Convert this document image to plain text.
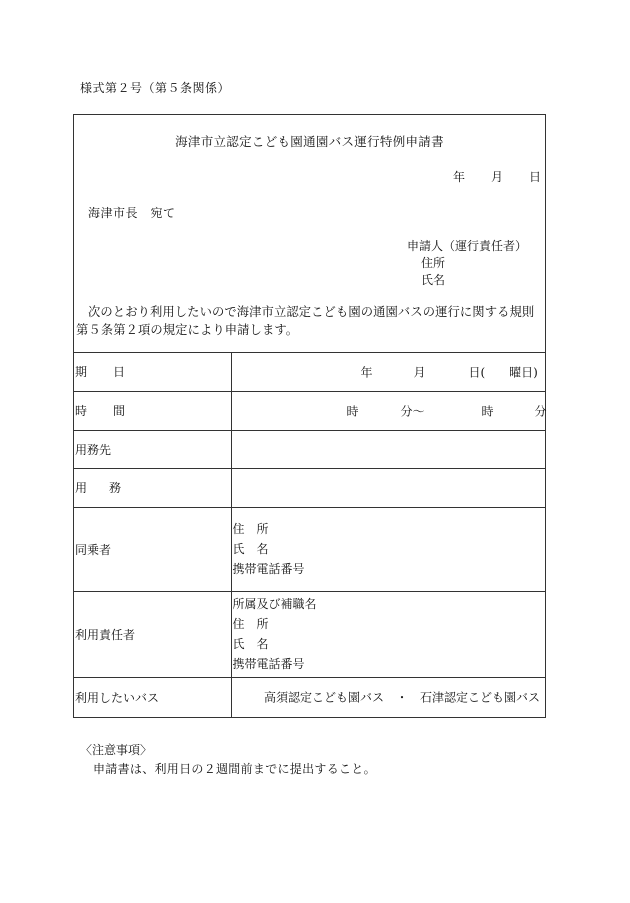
様式第２号（第５条関係）
海津市立認定こども園通園バス運行特例申請書
年 月 日
海津市長　宛て
申請人（運行責任者）
住所
氏名
次のとおり利用したいので海津市立認定こども園の通園バスの運行に関する規則第５条第２項の規定により申請します。
期日	年 月 日(　　曜日)

時間	時 分～ 時 分

用務先	
用務	
同乗者	住　所
氏　名
携帯電話番号

利用責任者	所属及び補職名
住　所
氏　名
携帯電話番号

利用したいバス	高須認定こども園バス　・　石津認定こども園バス
〈注意事項〉
申請書は、利用日の２週間前までに提出すること。
